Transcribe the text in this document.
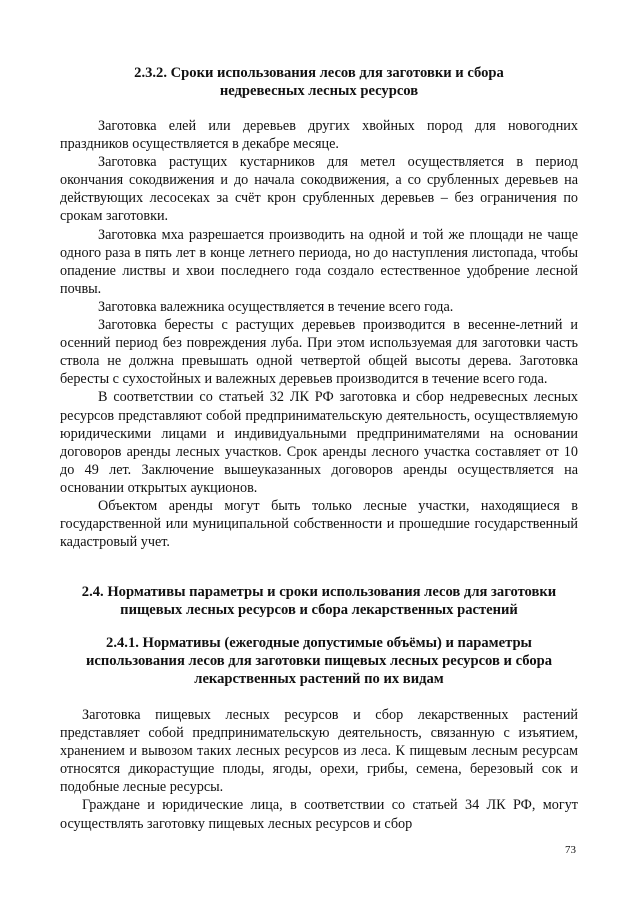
2.3.2. Сроки использования лесов для заготовки и сбора недревесных лесных ресурсов

Заготовка елей или деревьев других хвойных пород для новогодних праздников осуществляется в декабре месяце.

Заготовка растущих кустарников для метел осуществляется в период окончания сокодвижения и до начала сокодвижения, а со срубленных деревьев на действующих лесосеках за счёт крон срубленных деревьев – без ограничения по срокам заготовки.

Заготовка мха разрешается производить на одной и той же площади не чаще одного раза в пять лет в конце летнего периода, но до наступления листопада, чтобы опадение листвы и хвои последнего года создало естественное удобрение лесной почвы.

Заготовка валежника осуществляется в течение всего года.

Заготовка бересты с растущих деревьев производится в весенне-летний и осенний период без повреждения луба. При этом используемая для заготовки часть ствола не должна превышать одной четвертой общей высоты дерева. Заготовка бересты с сухостойных и валежных деревьев производится в течение всего года.

В соответствии со статьей 32 ЛК РФ заготовка и сбор недревесных лесных ресурсов представляют собой предпринимательскую деятельность, осуществляемую юридическими лицами и индивидуальными предпринимателями на основании договоров аренды лесных участков. Срок аренды лесного участка составляет от 10 до 49 лет. Заключение вышеуказанных договоров аренды осуществляется на основании открытых аукционов.

Объектом аренды могут быть только лесные участки, находящиеся в государственной или муниципальной собственности и прошедшие государственный кадастровый учет.

2.4. Нормативы параметры и сроки использования лесов для заготовки пищевых лесных ресурсов и сбора лекарственных растений
2.4.1. Нормативы (ежегодные допустимые объёмы) и параметры использования лесов для заготовки пищевых лесных ресурсов и сбора лекарственных растений по их видам

Заготовка пищевых лесных ресурсов и сбор лекарственных растений представляет собой предпринимательскую деятельность, связанную с изъятием, хранением и вывозом таких лесных ресурсов из леса. К пищевым лесным ресурсам относятся дикорастущие плоды, ягоды, орехи, грибы, семена, березовый сок и подобные лесные ресурсы.

Граждане и юридические лица, в соответствии со статьей 34 ЛК РФ, могут осуществлять заготовку пищевых лесных ресурсов и сбор

73
